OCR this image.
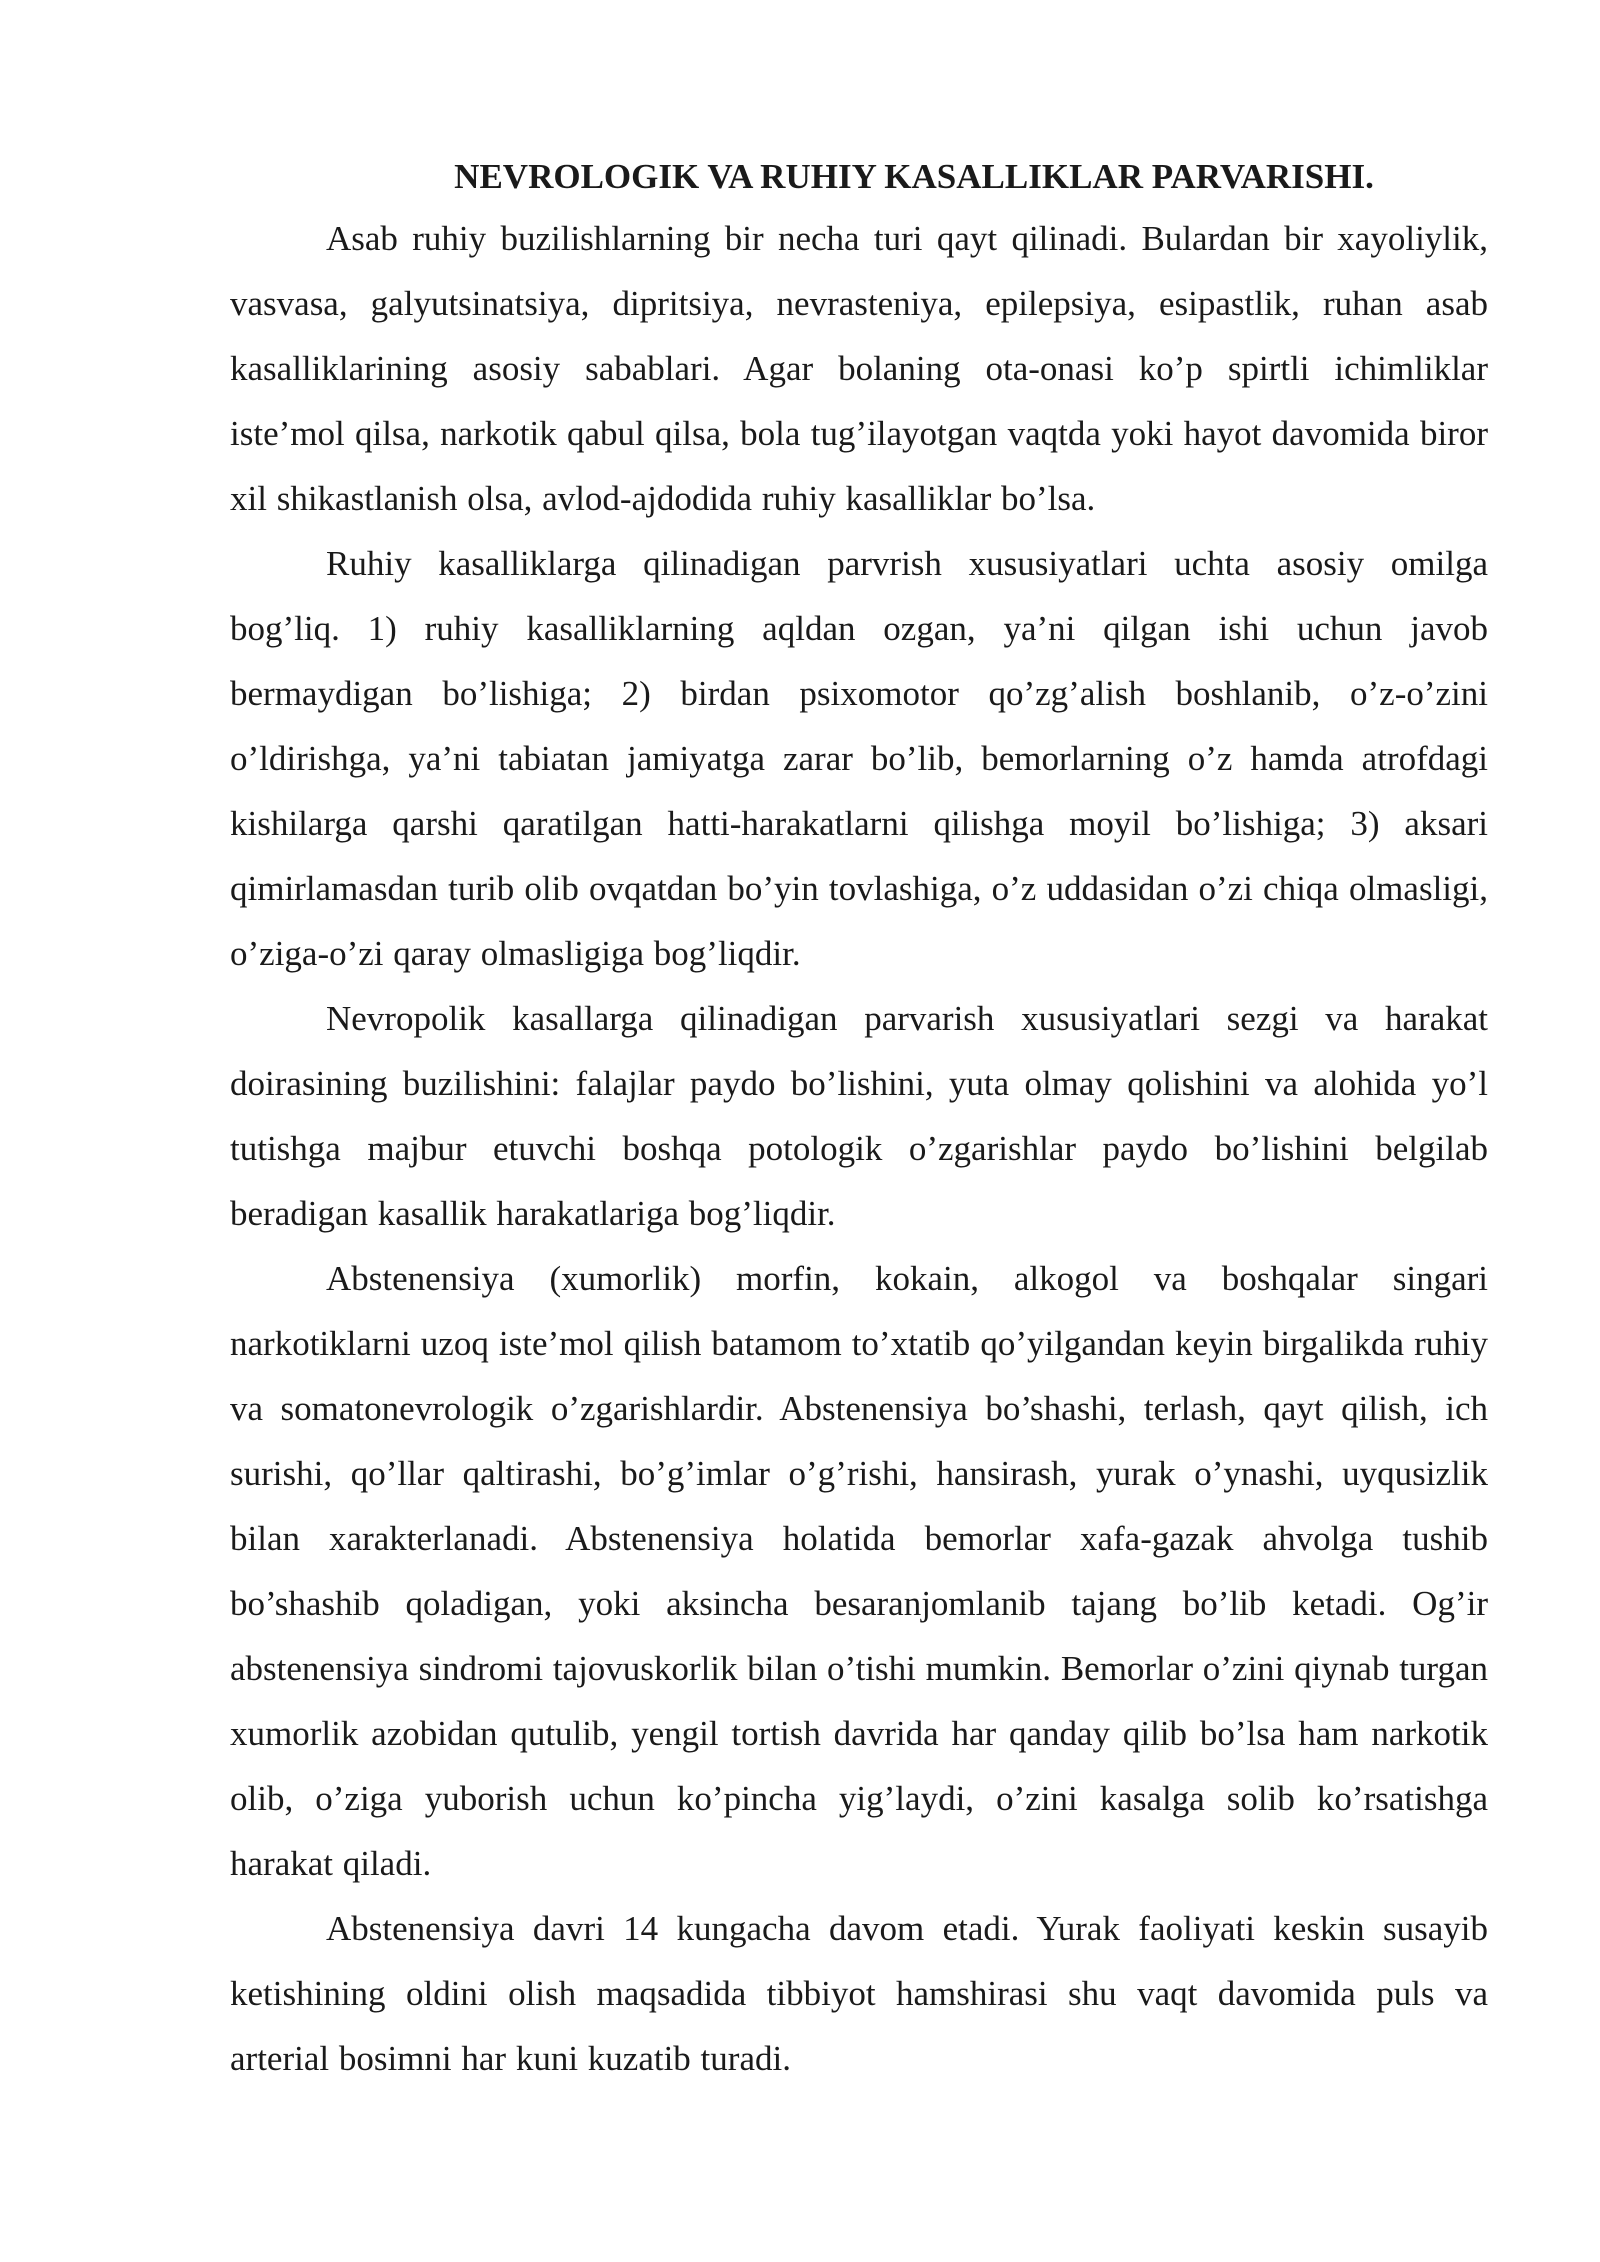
NEVROLOGIK VA RUHIY KASALLIKLAR PARVARISHI.

Asab ruhiy buzilishlarning bir necha turi qayt qilinadi. Bulardan bir xayoliylik, vasvasa, galyutsinatsiya, dipritsiya, nevrasteniya, epilepsiya, esipastlik, ruhan asab kasalliklarining asosiy sabablari. Agar bolaning ota-onasi ko’p spirtli ichimliklar iste’mol qilsa, narkotik qabul qilsa, bola tug’ilayotgan vaqtda yoki hayot davomida biror xil shikastlanish olsa, avlod-ajdodida ruhiy kasalliklar bo’lsa.

Ruhiy kasalliklarga qilinadigan parvrish xususiyatlari uchta asosiy omilga bog’liq. 1) ruhiy kasalliklarning aqldan ozgan, ya’ni qilgan ishi uchun javob bermaydigan bo’lishiga; 2) birdan psixomotor qo’zg’alish boshlanib, o’z-o’zini o’ldirishga, ya’ni tabiatan jamiyatga zarar bo’lib, bemorlarning o’z hamda atrofdagi kishilarga qarshi qaratilgan hatti-harakatlarni qilishga moyil bo’lishiga; 3) aksari qimirlamasdan turib olib ovqatdan bo’yin tovlashiga, o’z uddasidan o’zi chiqa olmasligi, o’ziga-o’zi qaray olmasligiga bog’liqdir.

Nevropolik kasallarga qilinadigan parvarish xususiyatlari sezgi va harakat doirasining buzilishini: falajlar paydo bo’lishini, yuta olmay qolishini va alohida yo’l tutishga majbur etuvchi boshqa potologik o’zgarishlar paydo bo’lishini belgilab beradigan kasallik harakatlariga bog’liqdir.

Abstenensiya (xumorlik) morfin, kokain, alkogol va boshqalar singari narkotiklarni uzoq iste’mol qilish batamom to’xtatib qo’yilgandan keyin birgalikda ruhiy va somatonevrologik o’zgarishlardir. Abstenensiya bo’shashi, terlash, qayt qilish, ich surishi, qo’llar qaltirashi, bo’g’imlar o’g’rishi, hansirash, yurak o’ynashi, uyqusizlik bilan xarakterlanadi. Abstenensiya holatida bemorlar xafa-gazak ahvolga tushib bo’shashib qoladigan, yoki aksincha besaranjomlanib tajang bo’lib ketadi. Og’ir abstenensiya sindromi tajovuskorlik bilan o’tishi mumkin. Bemorlar o’zini qiynab turgan xumorlik azobidan qutulib, yengil tortish davrida har qanday qilib bo’lsa ham narkotik olib, o’ziga yuborish uchun ko’pincha yig’laydi, o’zini kasalga solib ko’rsatishga harakat qiladi.

Abstenensiya davri 14 kungacha davom etadi. Yurak faoliyati keskin susayib ketishining oldini olish maqsadida tibbiyot hamshirasi shu vaqt davomida puls va arterial bosimni har kuni kuzatib turadi.
